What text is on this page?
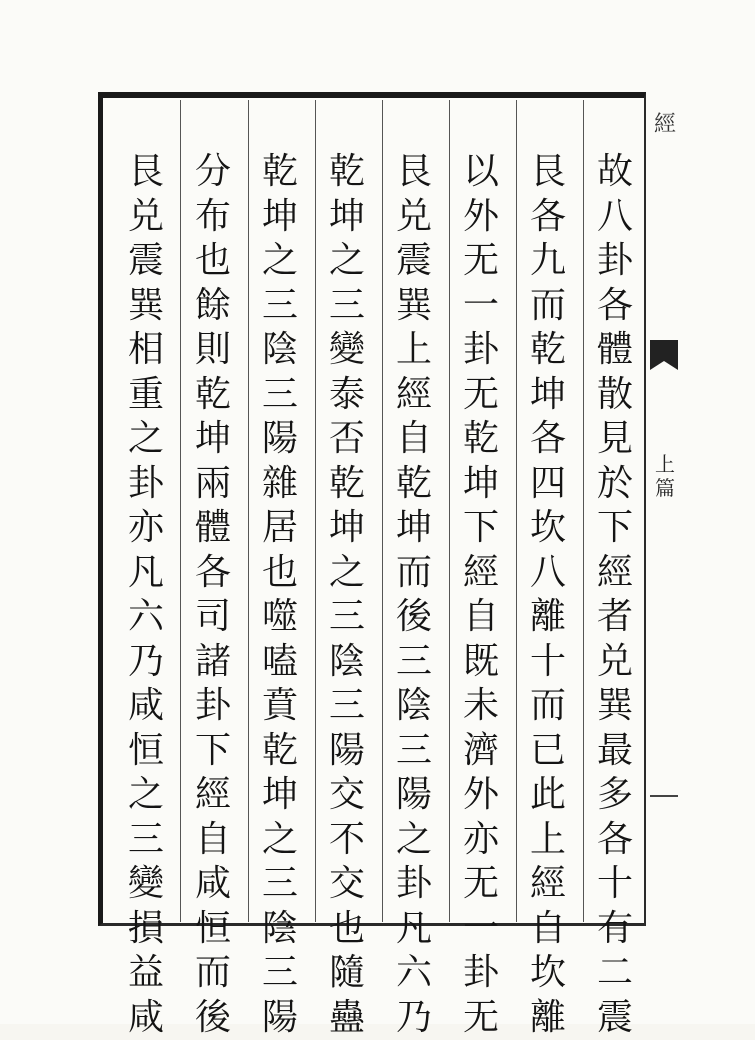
故
八
卦
各
體
散
見
於
下
經
者
兑
巽
最
多
各
十
有
二
震
艮
各
九
而
乾
坤
各
四
坎
八
離
十
而
已
此
上
經
自
坎
離
以
外
无
一
卦
无
乾
坤
下
經
自
既
未
濟
外
亦
无
一
卦
无
艮
兑
震
巽
上
經
自
乾
坤
而
後
三
陰
三
陽
之
卦
凡
六
乃
乾
坤
之
三
變
泰
否
乾
坤
之
三
陰
三
陽
交
不
交
也
隨
蠱
乾
坤
之
三
陰
三
陽
雜
居
也
噬
嗑
賁
乾
坤
之
三
陰
三
陽
分
布
也
餘
則
乾
坤
兩
體
各
司
諸
卦
下
經
自
咸
恒
而
後
艮
兑
震
巽
相
重
之
卦
亦
凡
六
乃
咸
恒
之
三
變
損
益
咸
經
上
篇
